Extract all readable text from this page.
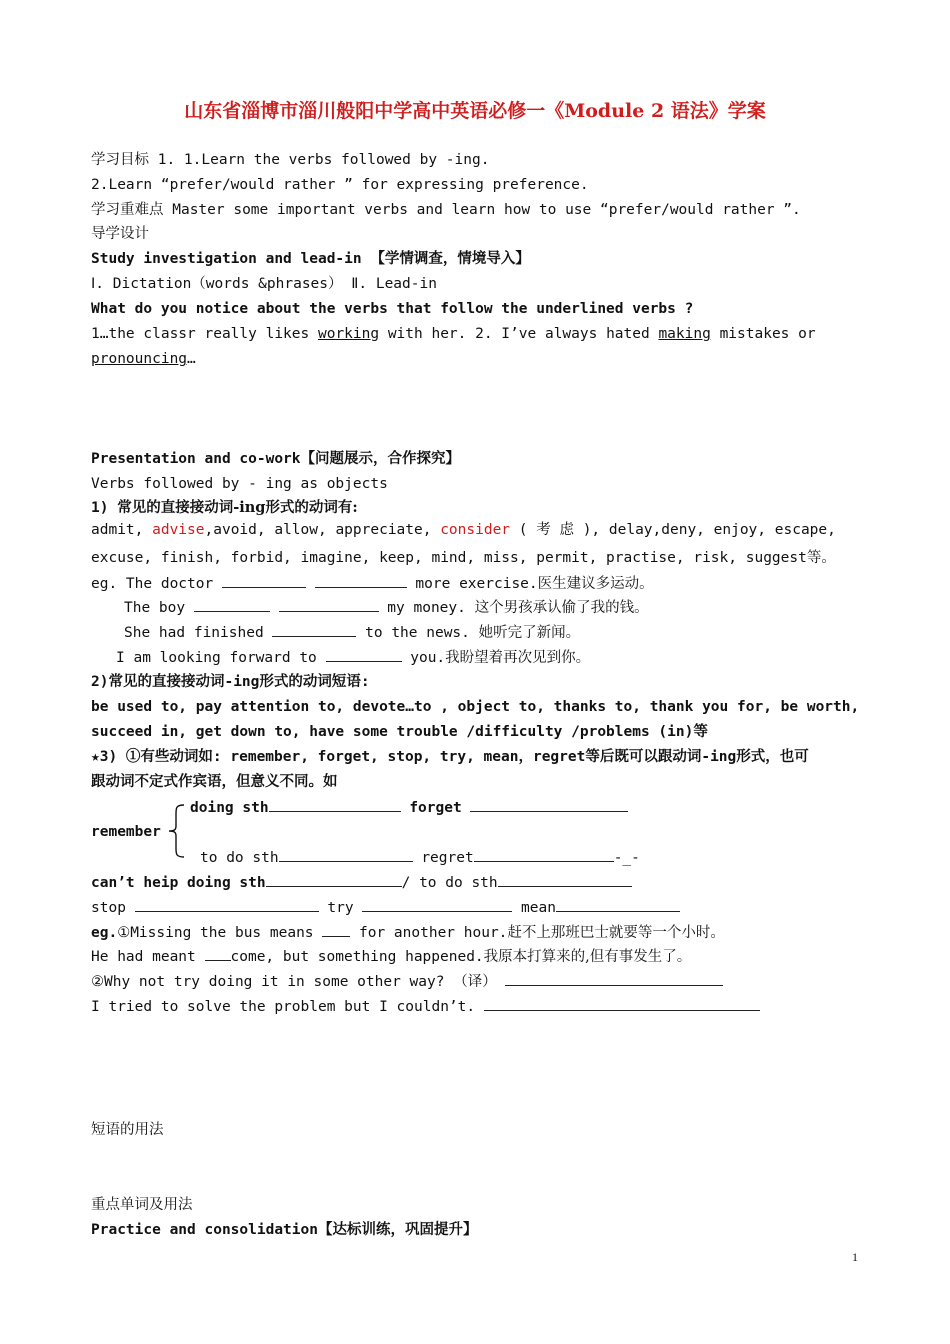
山东省淄博市淄川般阳中学高中英语必修一《Module 2 语法》学案
学习目标 1. 1.Learn the verbs followed by -ing.
2.Learn “prefer/would rather ” for expressing preference.
学习重难点 Master some important verbs and learn how to use “prefer/would rather ”.
导学设计
Study investigation and lead-in 【学情调查，情境导入】
Ⅰ. Dictation（words &phrases） Ⅱ. Lead-in
What do you notice about the verbs that follow the underlined verbs ?
1…the classr really likes working with her. 2. I’ve always hated making mistakes or
pronouncing…
Presentation and co-work【问题展示，合作探究】
Verbs followed by - ing as objects
1) 常见的直接接动词-ing形式的动词有:
admit, advise,avoid, allow, appreciate, consider ( 考 虑 ), delay,deny, enjoy, escape,
excuse, finish, forbid, imagine, keep, mind, miss, permit, practise, risk, suggest等。
eg. The doctor	more exercise.医生建议多运动。
The boy	my money. 这个男孩承认偷了我的钱。
She had finished	to the news. 她听完了新闻。
I am looking forward to	you.我盼望着再次见到你。
2)常见的直接接动词-ing形式的动词短语:
be used to, pay attention to, devote…to , object to, thanks to, thank you for, be worth,
succeed in, get down to, have some trouble /difficulty /problems (in)等
★3) ①有些动词如: remember, forget, stop, try, mean，regret等后既可以跟动词-ing形式，也可
跟动词不定式作宾语，但意义不同。如
doing sth	forget
remember
to do sth	regret	-_-
can’t heip doing sth	/ to do sth
stop	try	mean
eg.①Missing the bus means  for another hour.赶不上那班巴士就要等一个小时。
He had meant come, but something happened.我原本打算来的,但有事发生了。
②Why not try doing it in some other way? （译）
I tried to solve the problem but I couldn’t.
短语的用法
重点单词及用法
Practice and consolidation【达标训练，巩固提升】
1
